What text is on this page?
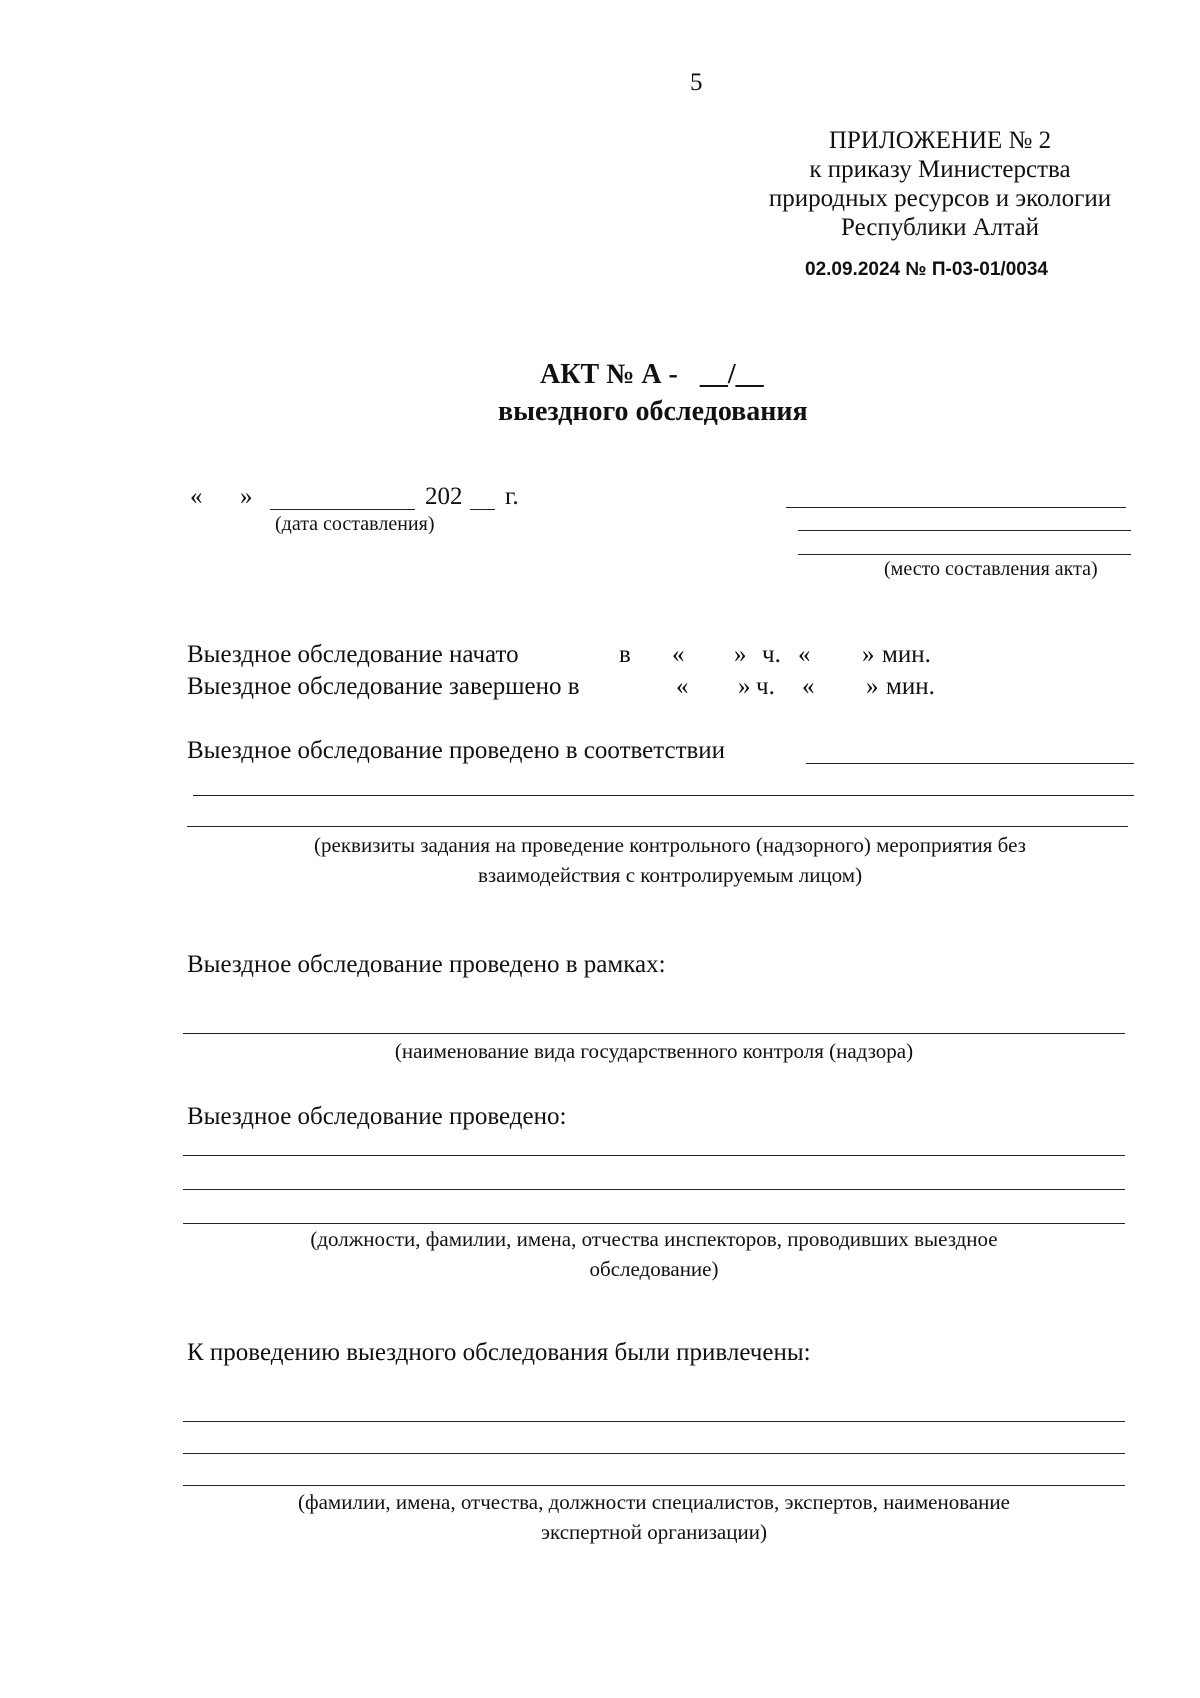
5
ПРИЛОЖЕНИЕ № 2
к приказу Министерства
природных ресурсов и экологии
Республики Алтай
02.09.2024 № П-03-01/0034
АКТ № А - __/__
выездного обследования
« »	202 г.
(дата составления)
(место составления акта)
Выездное обследование начато	в « » ч. « » мин.
Выездное обследование завершено в	« » ч. « » мин.
Выездное обследование проведено в соответствии
(реквизиты задания на проведение контрольного (надзорного) мероприятия без
взаимодействия с контролируемым лицом)
Выездное обследование проведено в рамках:
(наименование вида государственного контроля (надзора)
Выездное обследование проведено:
(должности, фамилии, имена, отчества инспекторов, проводивших выездное
обследование)
К проведению выездного обследования были привлечены:
(фамилии, имена, отчества, должности специалистов, экспертов, наименование
экспертной организации)
